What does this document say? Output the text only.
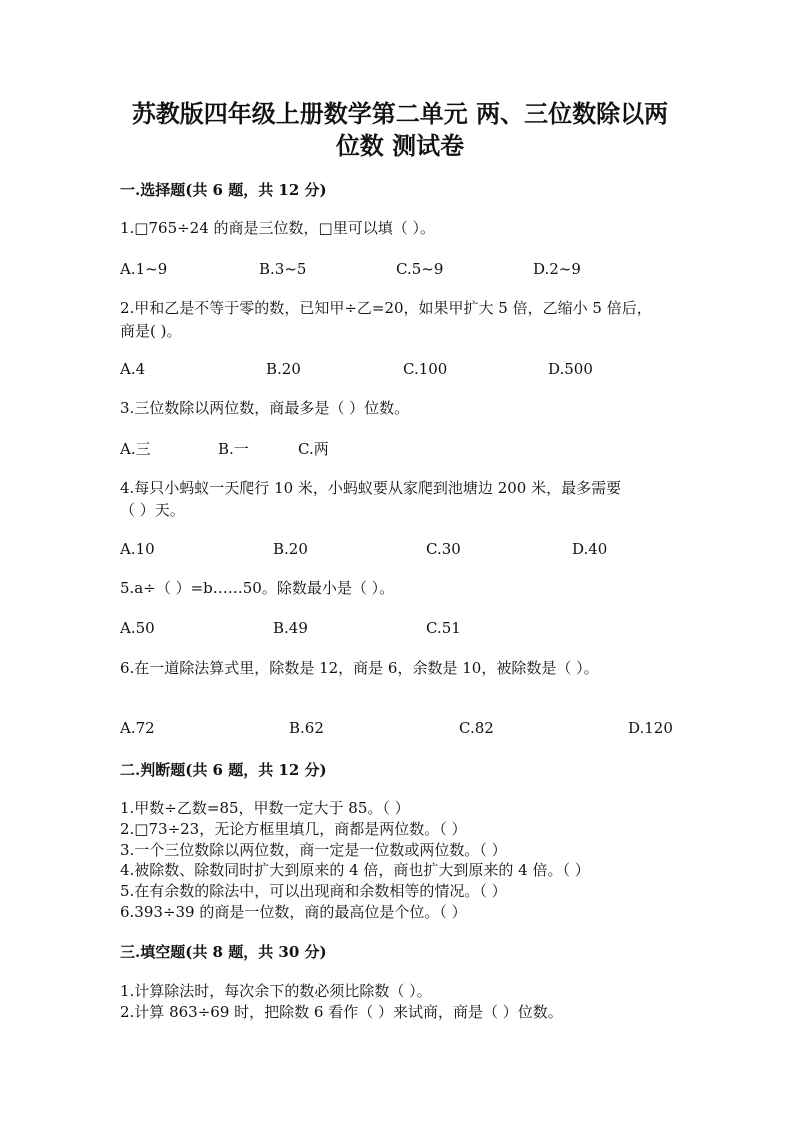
苏教版四年级上册数学第二单元 两、三位数除以两
位数 测试卷
一.选择题(共 6 题，共 12 分)
1.□765÷24 的商是三位数，□里可以填（ ）。
A.1~9	B.3~5	C.5~9	D.2~9
2.甲和乙是不等于零的数，已知甲÷乙=20，如果甲扩大 5 倍，乙缩小 5 倍后，
商是( )。
A.4	B.20	C.100	D.500
3.三位数除以两位数，商最多是（ ）位数。
A.三	B.一	C.两
4.每只小蚂蚁一天爬行 10 米，小蚂蚁要从家爬到池塘边 200 米，最多需要
（ ）天。
A.10	B.20	C.30	D.40
5.a÷（ ）=b……50。除数最小是（ ）。
A.50	B.49	C.51
6.在一道除法算式里，除数是 12，商是 6，余数是 10，被除数是（ ）。
A.72	B.62	C.82	D.120
二.判断题(共 6 题，共 12 分)
1.甲数÷乙数=85，甲数一定大于 85。（ ）
2.□73÷23，无论方框里填几，商都是两位数。（ ）
3.一个三位数除以两位数，商一定是一位数或两位数。（ ）
4.被除数、除数同时扩大到原来的 4 倍，商也扩大到原来的 4 倍。（ ）
5.在有余数的除法中，可以出现商和余数相等的情况。（ ）
6.393÷39 的商是一位数，商的最高位是个位。（ ）
三.填空题(共 8 题，共 30 分)
1.计算除法时，每次余下的数必须比除数（ ）。
2.计算 863÷69 时，把除数 6 看作（ ）来试商，商是（ ）位数。
